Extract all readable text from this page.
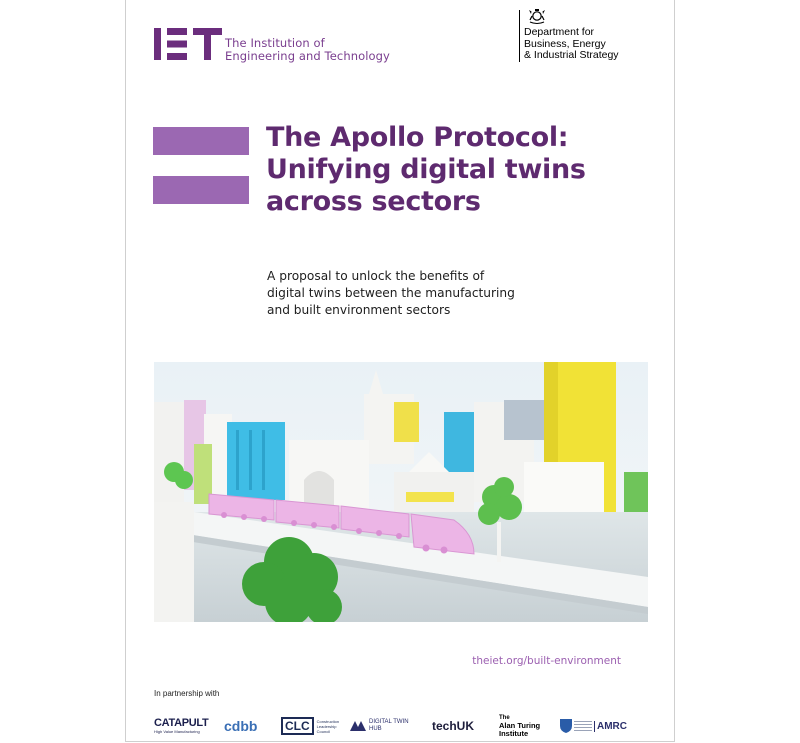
The Institution of
Engineering and Technology
Department for
Business, Energy
& Industrial Strategy
The Apollo Protocol:
Unifying digital twins
across sectors
A proposal to unlock the benefits of
digital twins between the manufacturing
and built environment sectors
theiet.org/built-environment
In partnership with
CATAPULT
High Value Manufacturing cdbb	CLC	Construction Leadership Council
DIGITAL TWIN HUB	techUK
The
Alan Turing
Institute
AMRC
